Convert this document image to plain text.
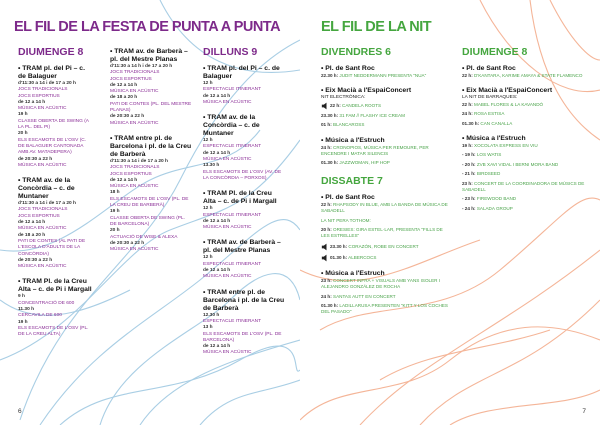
EL FIL DE LA FESTA DE PUNTA A PUNTA
DIUMENGE 8
• TRAM pl. del Pi – c. de Balaguer
d'11:30 a 14 i de 17 a 20 h
JOCS TRADICIONALS
JOCS ESPORTIUS
de 12 a 14 h
MÚSICA EN ACÚSTIC
19 h
CLASSE OBERTA DE SWING (A LA PL. DEL PI)
20 h
ELS ESCAMOTS DE L'OSV (C. DE BALAGUER CANTONADA AMB AV. MATADEPERA)
de 20:30 a 22 h
MÚSICA EN ACÚSTIC
• TRAM av. de la Concòrdia – c. de Muntaner
d'11:30 a 14 i de 17 a 20 h
JOCS TRADICIONALS
JOCS ESPORTIUS
de 12 a 14 h
MÚSICA EN ACÚSTIC
de 18 a 20 h
PATI DE CONTES (AL PATI DE L'ESCOLA D'ADULTS DE LA CONCÒRDIA)
de 20:30 a 22 h
MÚSICA EN ACÚSTIC
• TRAM Pl. de la Creu Alta – c. de Pi i Margall
9 h
CONCENTRACIÓ DE 600
11.30 h
CERCAVILA DE 600
19 h
ELS ESCAMOTS DE L'OSV (PL. DE LA CREU ALTA)
• TRAM av. de Barberà – pl. del Mestre Planas
d'11:30 a 14 h i de 17 a 20 h
JOCS TRADICIONALS
JOCS ESPORTIUS
de 12 a 14 h
MÚSICA EN ACÚSTIC
de 18 a 20 h
PATI DE CONTES (PL. DEL MESTRE PLANAS)
de 20:30 a 22 h
MÚSICA EN ACÚSTIC
• TRAM entre pl. de Barcelona i pl. de la Creu de Barberà
d'11:30 a 14 i de 17 a 20 h
JOCS TRADICIONALS
JOCS ESPORTIUS
de 12 a 14 h
MÚSICA EN ACÚSTIC
18 h
ELS ESCAMOTS DE L'OSV (PL. DE LA CREU DE BARBERÀ)
19 h
CLASSE OBERTA DE SWING (PL. DE BARCELONA)
20 h
ACTUACIÓ DE WISE & ALEXA
de 20:30 a 22 h
MÚSICA EN ACÚSTIC
DILLUNS 9
• TRAM pl. del Pi – c. de Balaguer
12 h
ESPECTACLE ITINERANT
de 12 a 14 h
MÚSICA EN ACÚSTIC
• TRAM av. de la Concòrdia – c. de Muntaner
12 h
ESPECTACLE ITINERANT
de 12 a 14 h
MÚSICA EN ACÚSTIC
13.30 h
ELS ESCAMOTS DE L'OSV (AV. DE LA CONCÒRDIA – PORXOS)
• TRAM Pl. de la Creu Alta – c. de Pi i Margall
12 h
ESPECTACLE ITINERANT
de 12 a 14 h
MÚSICA EN ACÚSTIC
• TRAM av. de Barberà – pl. del Mestre Planas
12 h
ESPECTACLE ITINERANT
de 12 a 14 h
MÚSICA EN ACÚSTIC
• TRAM entre pl. de Barcelona i pl. de la Creu de Barberà
12.30 h
ESPECTACLE ITINERANT
13 h
ELS ESCAMOTS DE L'OSV (PL. DE BARCELONA)
de 12 a 14 h
MÚSICA EN ACÚSTIC
6
EL FIL DE LA NIT
DIVENDRES 6
• Pl. de Sant Roc
22.30 h: JUDIT NEDDERMANN PRESENTA "NUA"
• Eix Macià a l'EspaiConcert
NIT ELECTRÒNICA:
22 h: CANDELA ROOTS
23.30 h: 31 FAM // FLASHY ICE CREAM
01 h: BLANCAROSS
• Música a l'Estruch
24 h: CRONOPIOS, MÚSICA PER REMOURE, PER ENCENDRE I MATAR SILENCIS
01.30 h: JAZZWOMAN, HIP HOP
DISSABTE 7
• Pl. de Sant Roc
22 h: RHAPSODY IN BLUE, AMB LA BANDA DE MÚSICA DE SABADELL
LA NIT PERA TOTHOM:
20 h: ORESIES: GIRA ESTEL·LAR, PRESENTA "FILLS DE LES ESTRELLES"
23.30 h: CORAZÓN, ROBE EN CONCERT
01.30 h: ALBERCOCS
• Música a l'Estruch
23 h: CONCERT INFRA + VISUALS AMB YANS ISOLER I ALEJANDRO GONZÁLEZ DE ROCHA
24 h: SANTAS AUTT EN CONCERT
01.30 h: LADILLARUSA PRESENTEN "KITT Y LOS COCHES DEL PASADO"
DIUMENGE 8
• Pl. de Sant Roc
22 h: D'KANTARA, KARIME AMAYA & STATE FLAMENCO
• Eix Macià a l'EspaiConcert
LA NIT DE BARRAQUES:
22 h: MABEL FLORES & LA KAVANDÓ
24 h: ROSA ESTISA
01.30 h: CAN CANALLA
• Música a l'Estruch
19 h: XOCOLATA EXPRESS EN VIU
- 19 h: LOS WATIS
- 20 h: ZVB XAVI VIDAL I BERNI MORA BAND
- 21 h: BIRDSEED
23 h: CONCERT DE LA COORDINADORA DE MÚSICS DE SABADELL
- 23 h: FIREWOOD BAND
- 24 h: SALADA GROUP
7
